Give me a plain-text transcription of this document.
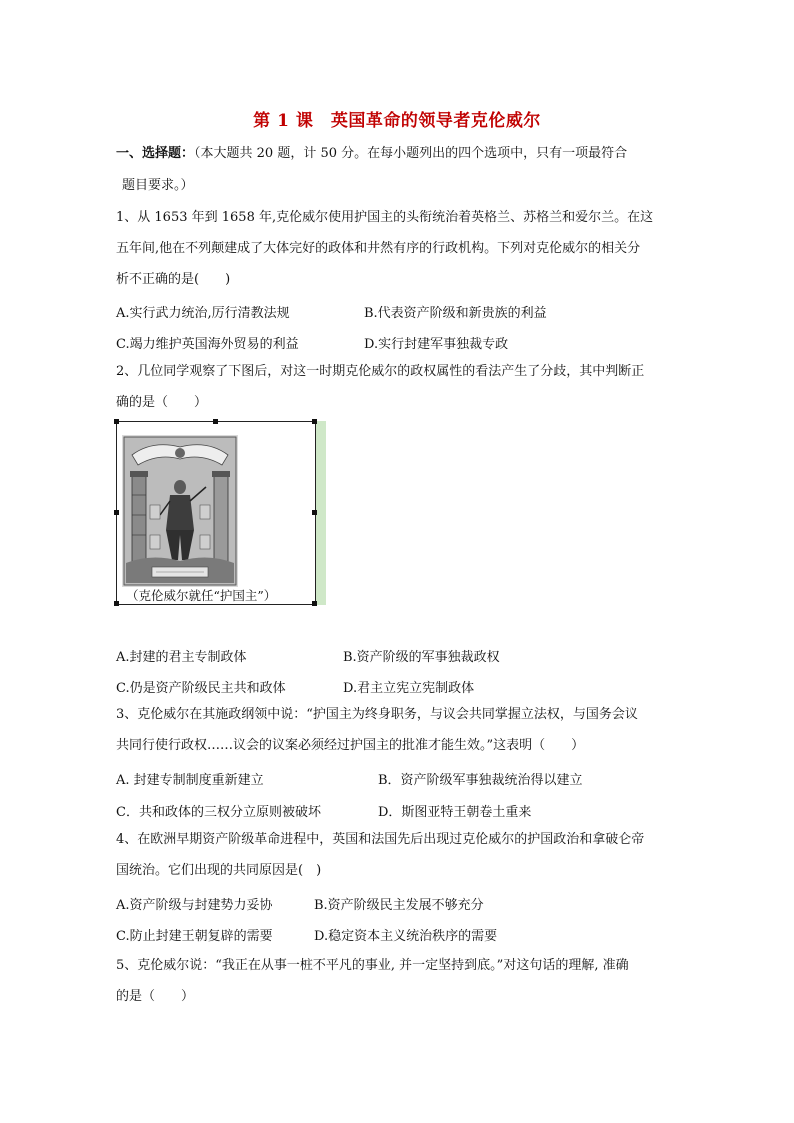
第 1 课　英国革命的领导者克伦威尔
一、选择题：（本大题共 20 题，计 50 分。在每小题列出的四个选项中，只有一项最符合
题目要求。）
1、从 1653 年到 1658 年,克伦威尔使用护国主的头衔统治着英格兰、苏格兰和爱尔兰。在这
五年间,他在不列颠建成了大体完好的政体和井然有序的行政机构。下列对克伦威尔的相关分
析不正确的是(　　)
A.实行武力统治,厉行清教法规	B.代表资产阶级和新贵族的利益
C.竭力维护英国海外贸易的利益	D.实行封建军事独裁专政
2、几位同学观察了下图后，对这一时期克伦威尔的政权属性的看法产生了分歧，其中判断正
确的是（　　）
（克伦威尔就任“护国主”）
A.封建的君主专制政体	B.资产阶级的军事独裁政权
C.仍是资产阶级民主共和政体	D.君主立宪立宪制政体
3、克伦威尔在其施政纲领中说：“护国主为终身职务，与议会共同掌握立法权，与国务会议
共同行使行政权……议会的议案必须经过护国主的批准才能生效。”这表明（　　）
A. 封建专制制度重新建立	B．资产阶级军事独裁统治得以建立
C．共和政体的三权分立原则被破坏	D．斯图亚特王朝卷土重来
4、在欧洲早期资产阶级革命进程中，英国和法国先后出现过克伦威尔的护国政治和拿破仑帝
国统治。它们出现的共同原因是(　)
A.资产阶级与封建势力妥协	B.资产阶级民主发展不够充分
C.防止封建王朝复辟的需要	D.稳定资本主义统治秩序的需要
5、克伦威尔说：“我正在从事一桩不平凡的事业, 并一定坚持到底。”对这句话的理解, 准确
的是（　　）
